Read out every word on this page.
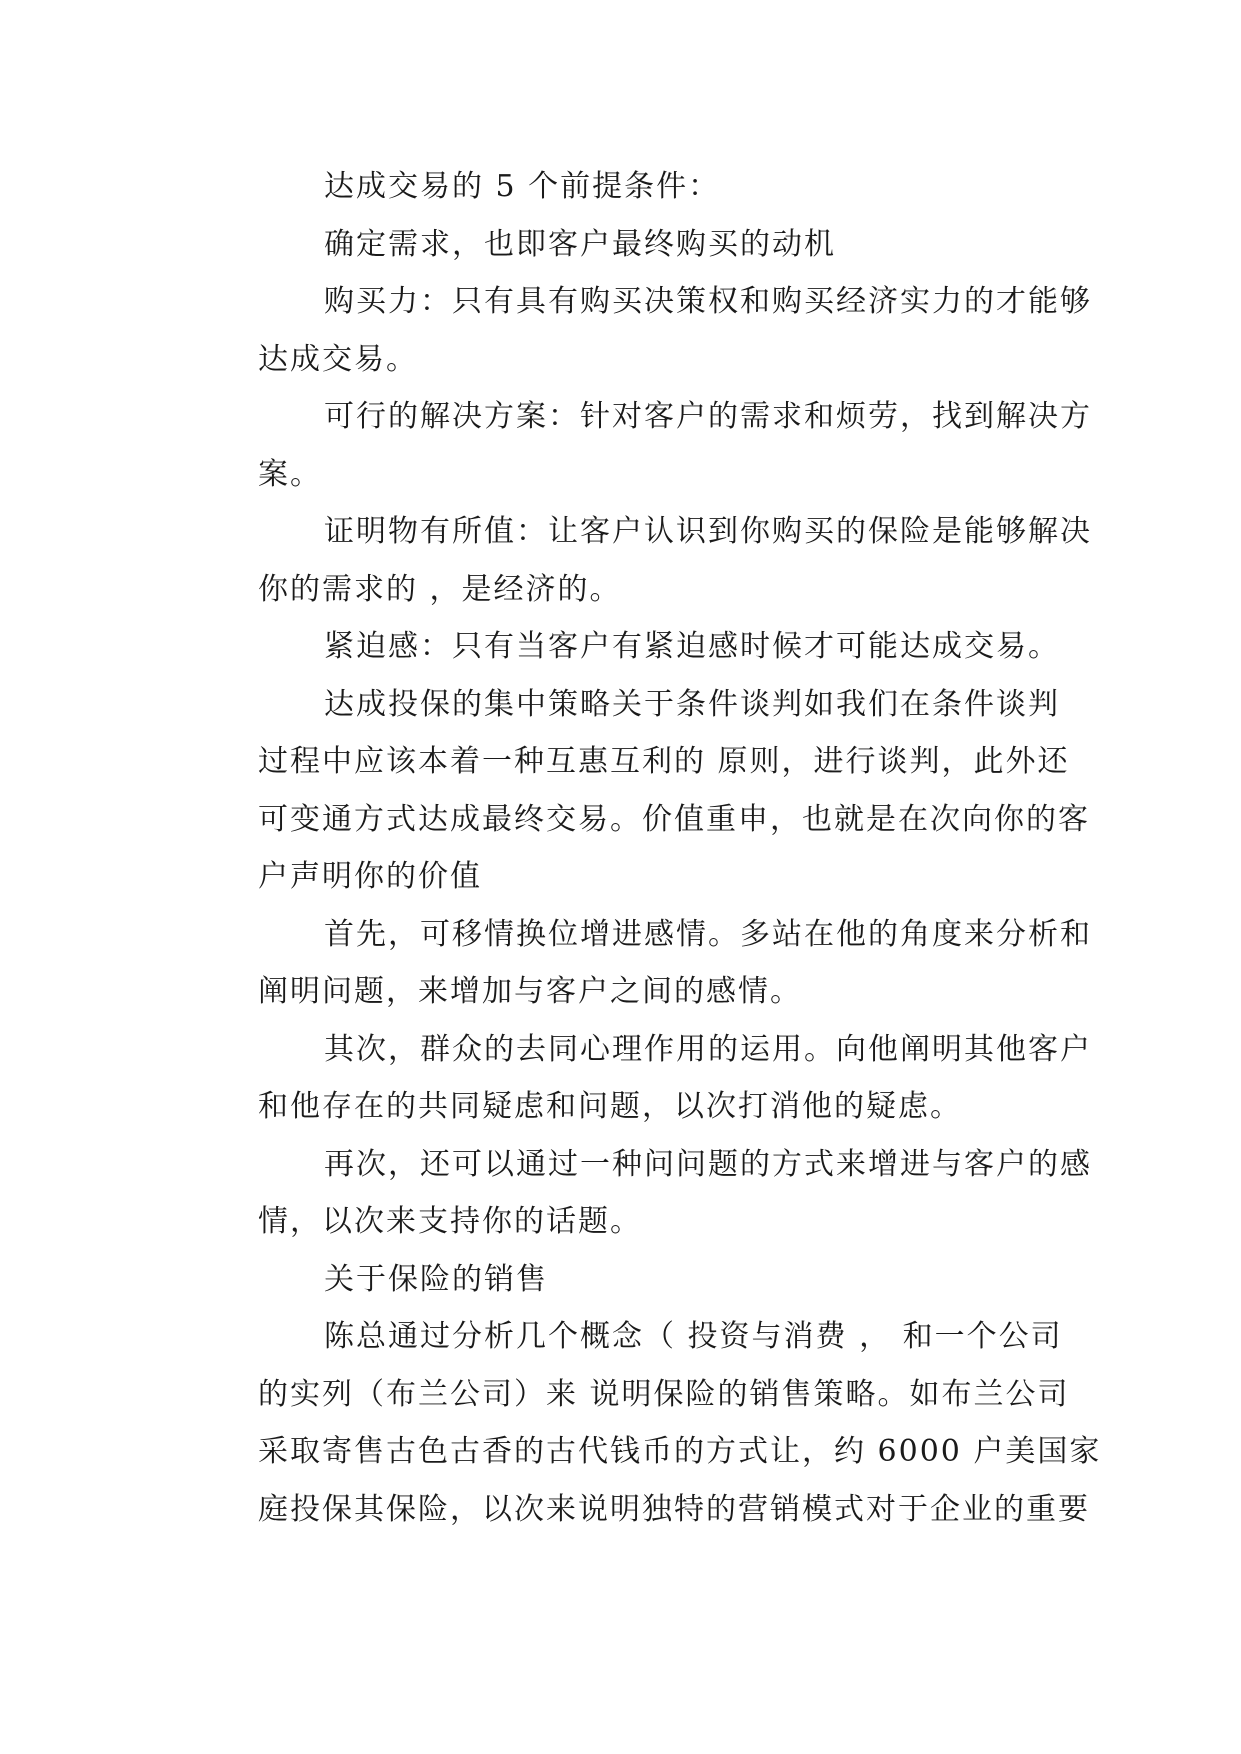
达成交易的 5 个前提条件：
确定需求，也即客户最终购买的动机
购买力：只有具有购买决策权和购买经济实力的才能够
达成交易。
可行的解决方案：针对客户的需求和烦劳，找到解决方
案。
证明物有所值：让客户认识到你购买的保险是能够解决
你的需求的 ，是经济的。
紧迫感：只有当客户有紧迫感时候才可能达成交易。
达成投保的集中策略关于条件谈判如我们在条件谈判
过程中应该本着一种互惠互利的 原则，进行谈判，此外还
可变通方式达成最终交易。价值重申，也就是在次向你的客
户声明你的价值
首先，可移情换位增进感情。多站在他的角度来分析和
阐明问题，来增加与客户之间的感情。
其次，群众的去同心理作用的运用。向他阐明其他客户
和他存在的共同疑虑和问题，以次打消他的疑虑。
再次，还可以通过一种问问题的方式来增进与客户的感
情，以次来支持你的话题。
关于保险的销售
陈总通过分析几个概念（ 投资与消费 ， 和一个公司
的实列（布兰公司）来 说明保险的销售策略。如布兰公司
采取寄售古色古香的古代钱币的方式让，约 6000 户美国家
庭投保其保险，以次来说明独特的营销模式对于企业的重要
